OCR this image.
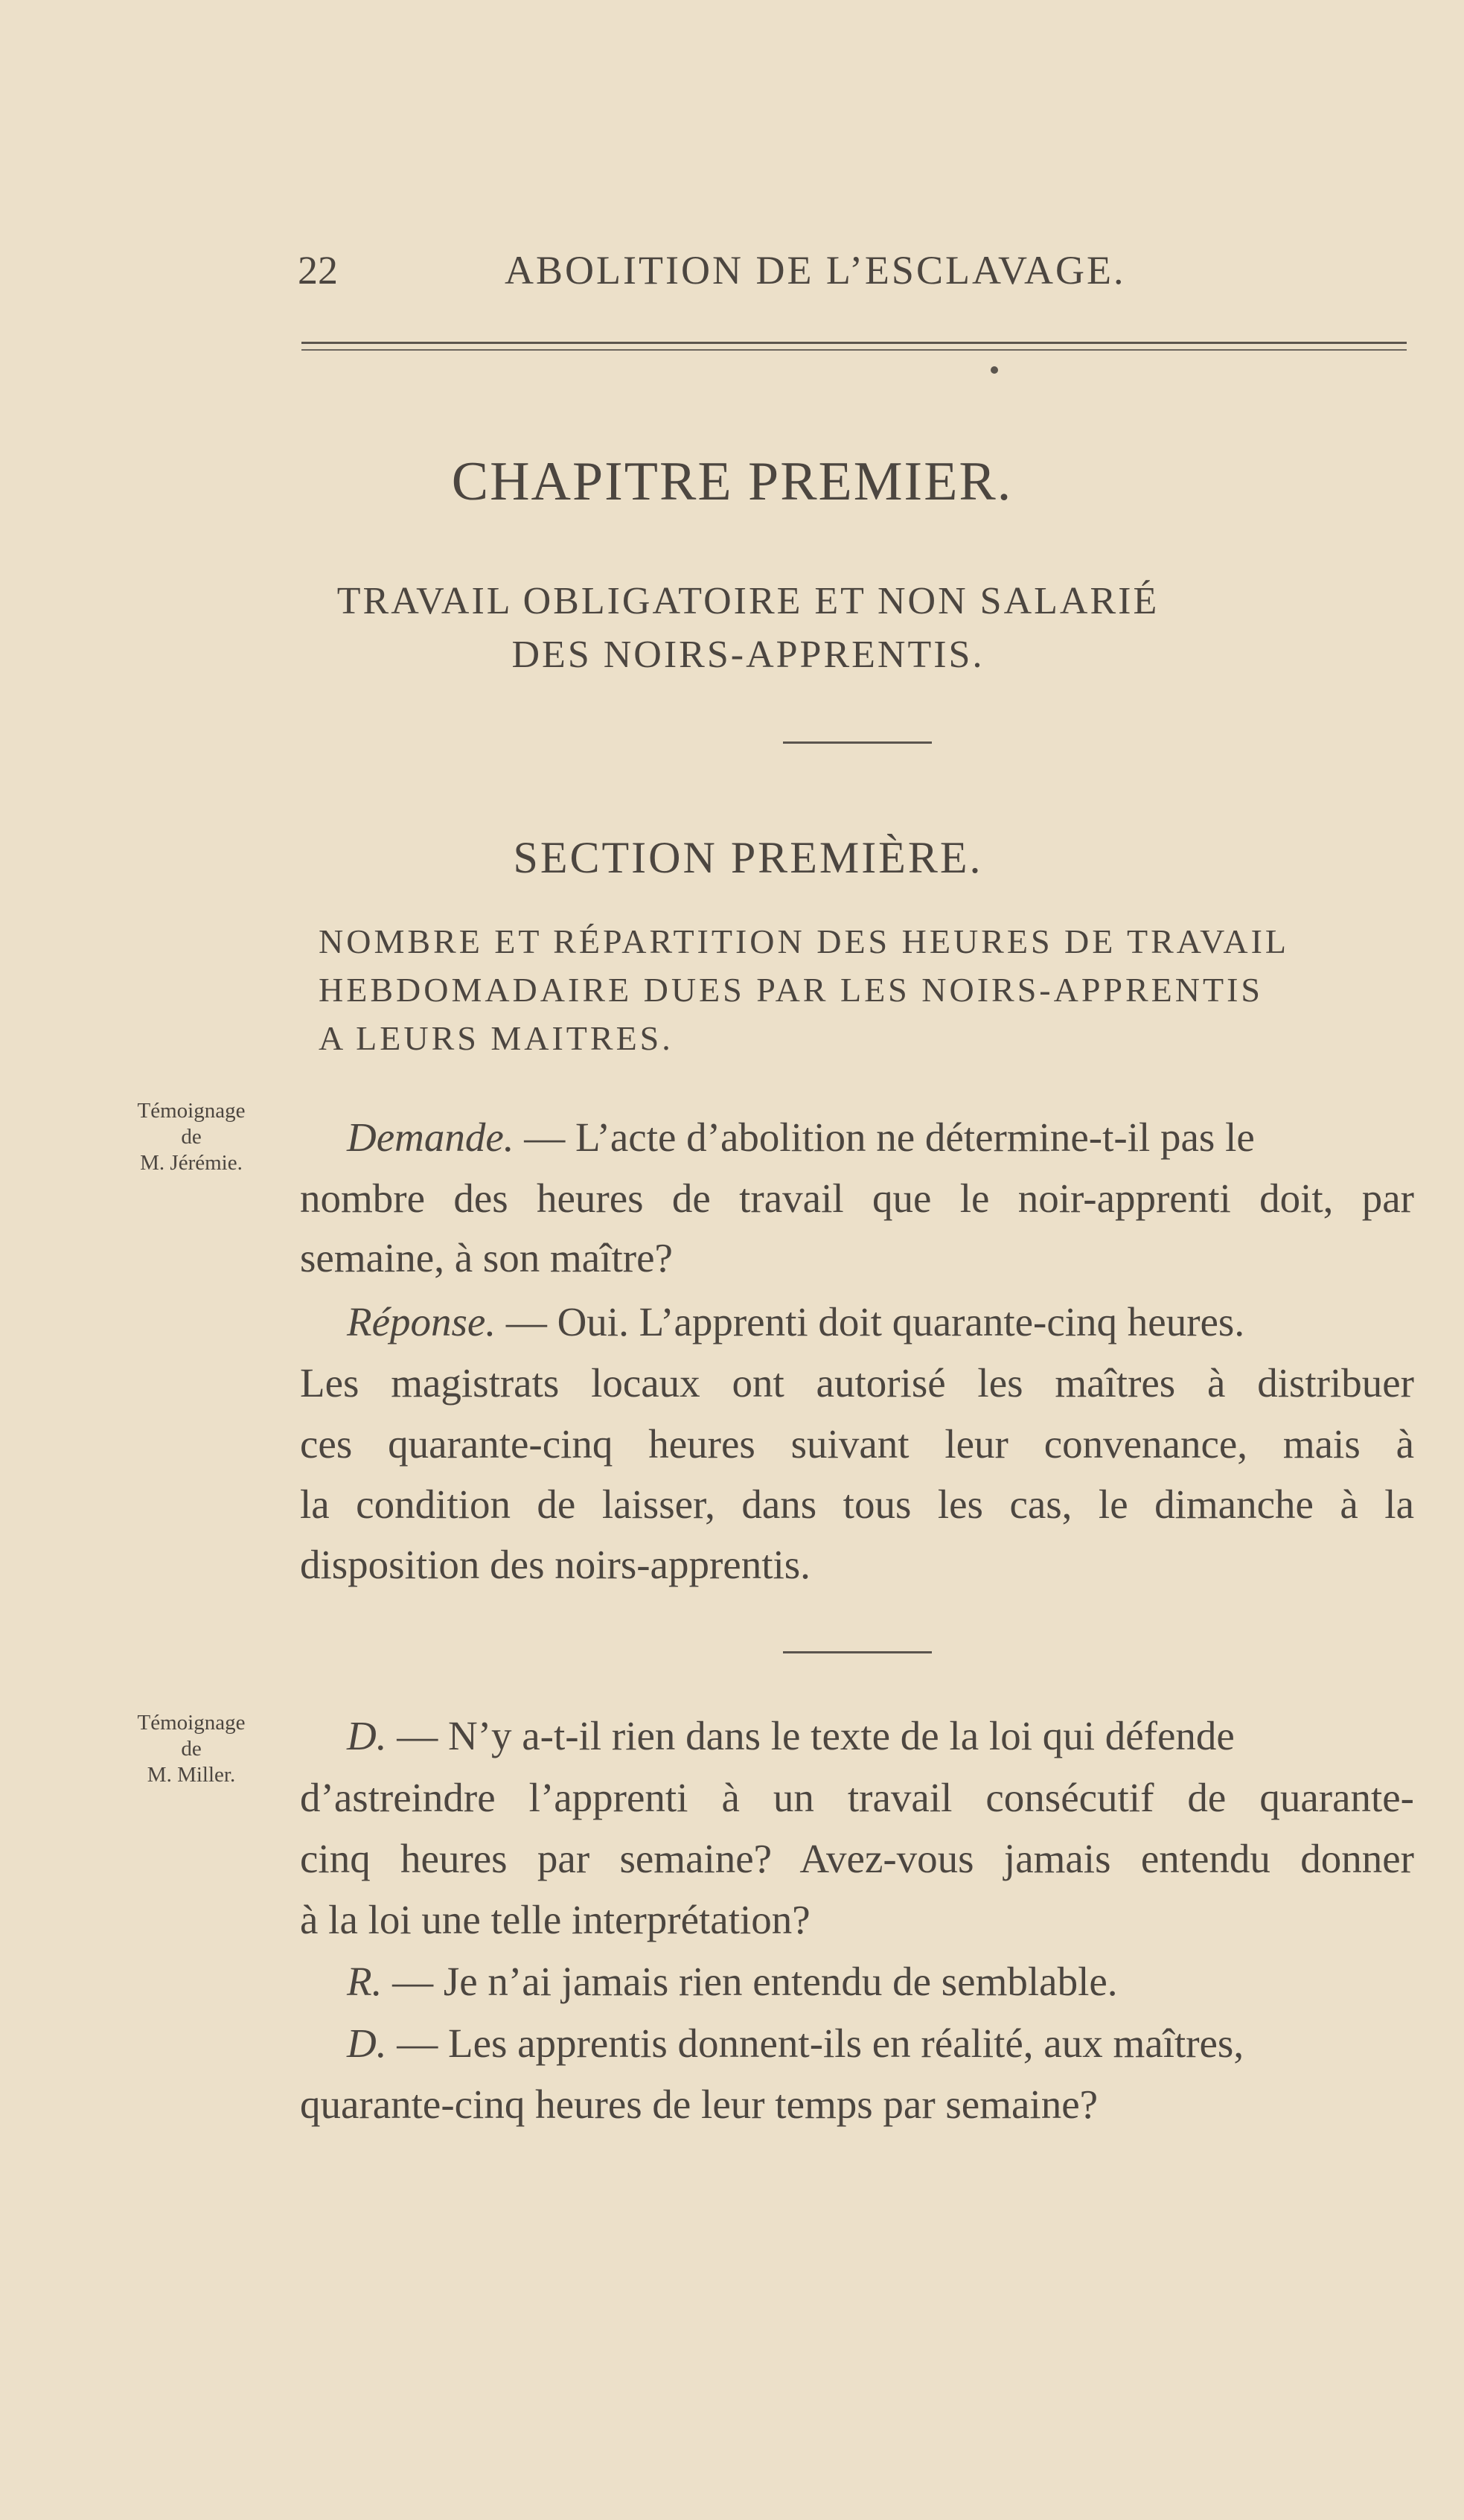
22	ABOLITION DE L’ESCLAVAGE.
CHAPITRE PREMIER.
TRAVAIL OBLIGATOIRE ET NON SALARIÉ
DES NOIRS-APPRENTIS.
SECTION PREMIÈRE.
NOMBRE ET RÉPARTITION DES HEURES DE TRAVAIL
HEBDOMADAIRE DUES PAR LES NOIRS-APPRENTIS
A LEURS MAITRES.
Témoignage
de
M. Jérémie.
Demande. — L’acte d’abolition ne détermine-t-il pas le
nombre des heures de travail que le noir-apprenti doit, par
semaine, à son maître?
Réponse. — Oui. L’apprenti doit quarante-cinq heures.
Les magistrats locaux ont autorisé les maîtres à distribuer
ces quarante-cinq heures suivant leur convenance, mais à
la condition de laisser, dans tous les cas, le dimanche à la
disposition des noirs-apprentis.
Témoignage
de
M. Miller.
D. — N’y a-t-il rien dans le texte de la loi qui défende
d’astreindre l’apprenti à un travail consécutif de quarante-
cinq heures par semaine? Avez-vous jamais entendu donner
à la loi une telle interprétation?
R. — Je n’ai jamais rien entendu de semblable.
D. — Les apprentis donnent-ils en réalité, aux maîtres,
quarante-cinq heures de leur temps par semaine?
